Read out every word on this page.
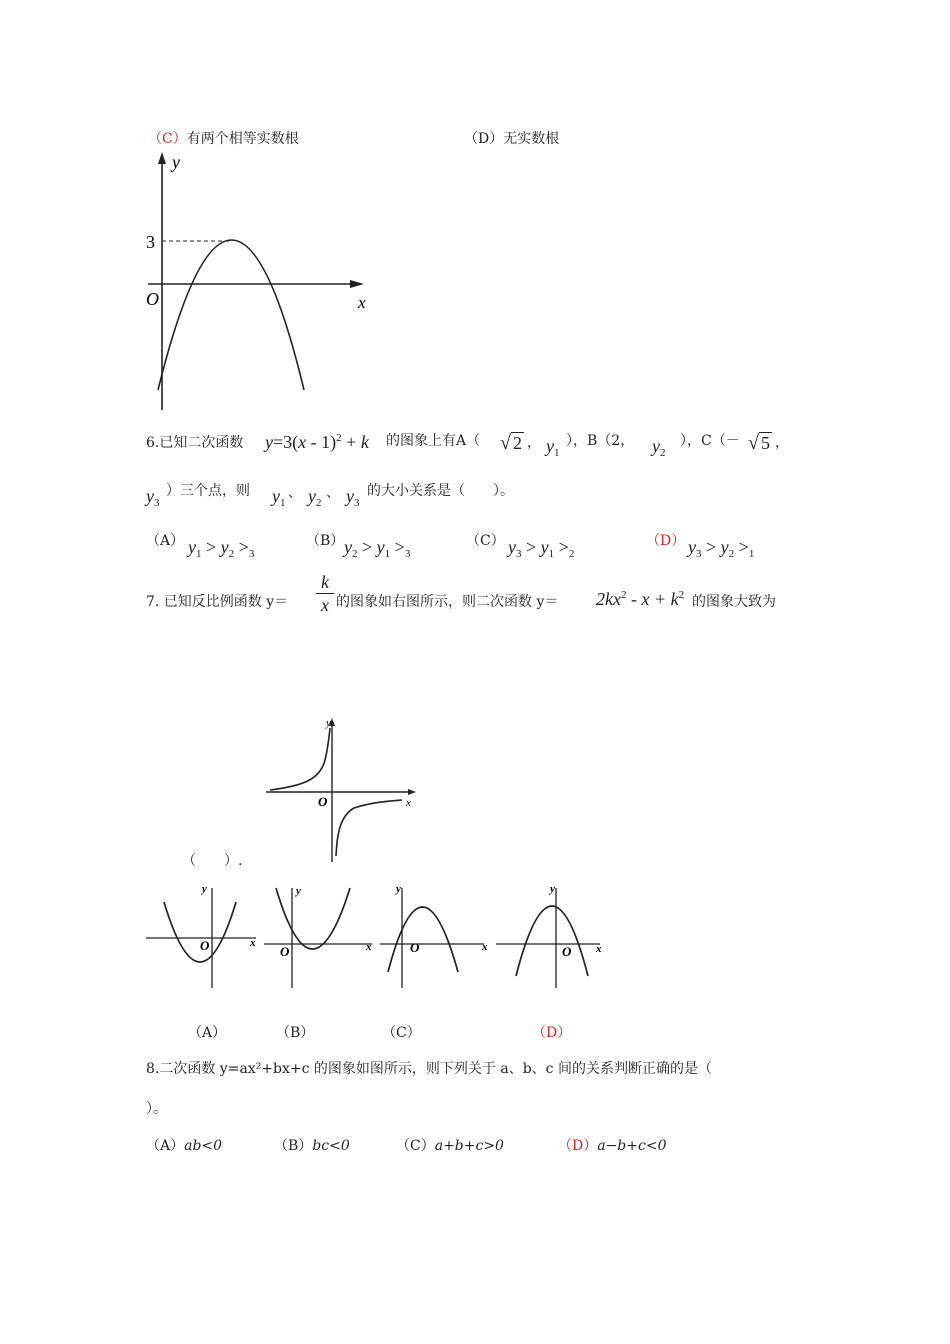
（C）有两个相等实数根	（D）无实数根
y
x
O
3
6.已知二次函数 y=3(x - 1)$^2$ + k 的图象上有A（ √ 2 ， $y_1$
），B（2， $y_2$
），C（－ √ 5 ，
$y_3$
）三个点，则 $y_1$
、 $y_2$
、 $y_3$
的大小关系是（　　）。
（A） $y_1 > y_2 >_3$
（B） $y_2 > y_1 >_3$
（C） $y_3 > y_1 >_2$
（D） $y_3 > y_2 >_1$
7. 已知反比例函数 y＝
k
x 的图象如右图所示，则二次函数 $y= 2kx^2 - x + k^2$ 的图象大致为
y
x
O
（　　）.
y
x
O
y
x
O
y
x
O
y
x
O
（A）	（B）	（C）	（D）
8.二次函数 y=ax²+bx+c 的图象如图所示，则下列关于 a、b、c 间的关系判断正确的是（
）。
（A）ab<0	（B）bc<0	（C）a+b+c>0	（D）a−b+c<0
